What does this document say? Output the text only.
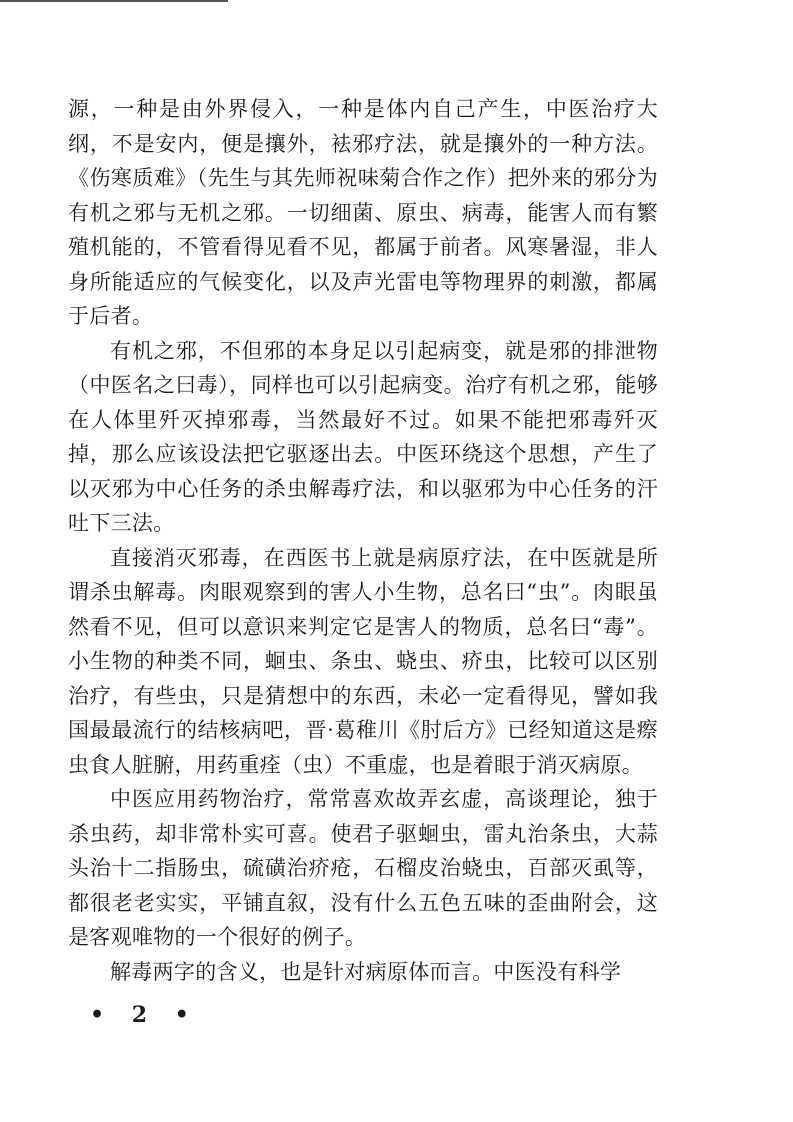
源，一种是由外界侵入，一种是体内自己产生，中医治疗大纲，不是安内，便是攘外，袪邪疗法，就是攘外的一种方法。《伤寒质难》（先生与其先师祝味菊合作之作）把外来的邪分为有机之邪与无机之邪。一切细菌、原虫、病毒，能害人而有繁殖机能的，不管看得见看不见，都属于前者。风寒暑湿，非人身所能适应的气候变化，以及声光雷电等物理界的刺激，都属于后者。

有机之邪，不但邪的本身足以引起病变，就是邪的排泄物（中医名之曰毒），同样也可以引起病变。治疗有机之邪，能够在人体里歼灭掉邪毒，当然最好不过。如果不能把邪毒歼灭掉，那么应该设法把它驱逐出去。中医环绕这个思想，产生了以灭邪为中心任务的杀虫解毒疗法，和以驱邪为中心任务的汗吐下三法。

直接消灭邪毒，在西医书上就是病原疗法，在中医就是所谓杀虫解毒。肉眼观察到的害人小生物，总名曰“虫”。肉眼虽然看不见，但可以意识来判定它是害人的物质，总名曰“毒”。小生物的种类不同，蛔虫、条虫、蛲虫、疥虫，比较可以区别治疗，有些虫，只是猜想中的东西，未必一定看得见，譬如我国最最流行的结核病吧，晋·葛稚川《肘后方》已经知道这是瘵虫食人脏腑，用药重痊（虫）不重虚，也是着眼于消灭病原。

中医应用药物治疗，常常喜欢故弄玄虚，高谈理论，独于杀虫药，却非常朴实可喜。使君子驱蛔虫，雷丸治条虫，大蒜头治十二指肠虫，硫磺治疥疮，石榴皮治蛲虫，百部灭虱等，都很老老实实，平铺直叙，没有什么五色五味的歪曲附会，这是客观唯物的一个很好的例子。

解毒两字的含义，也是针对病原体而言。中医没有科学

• 2 •
